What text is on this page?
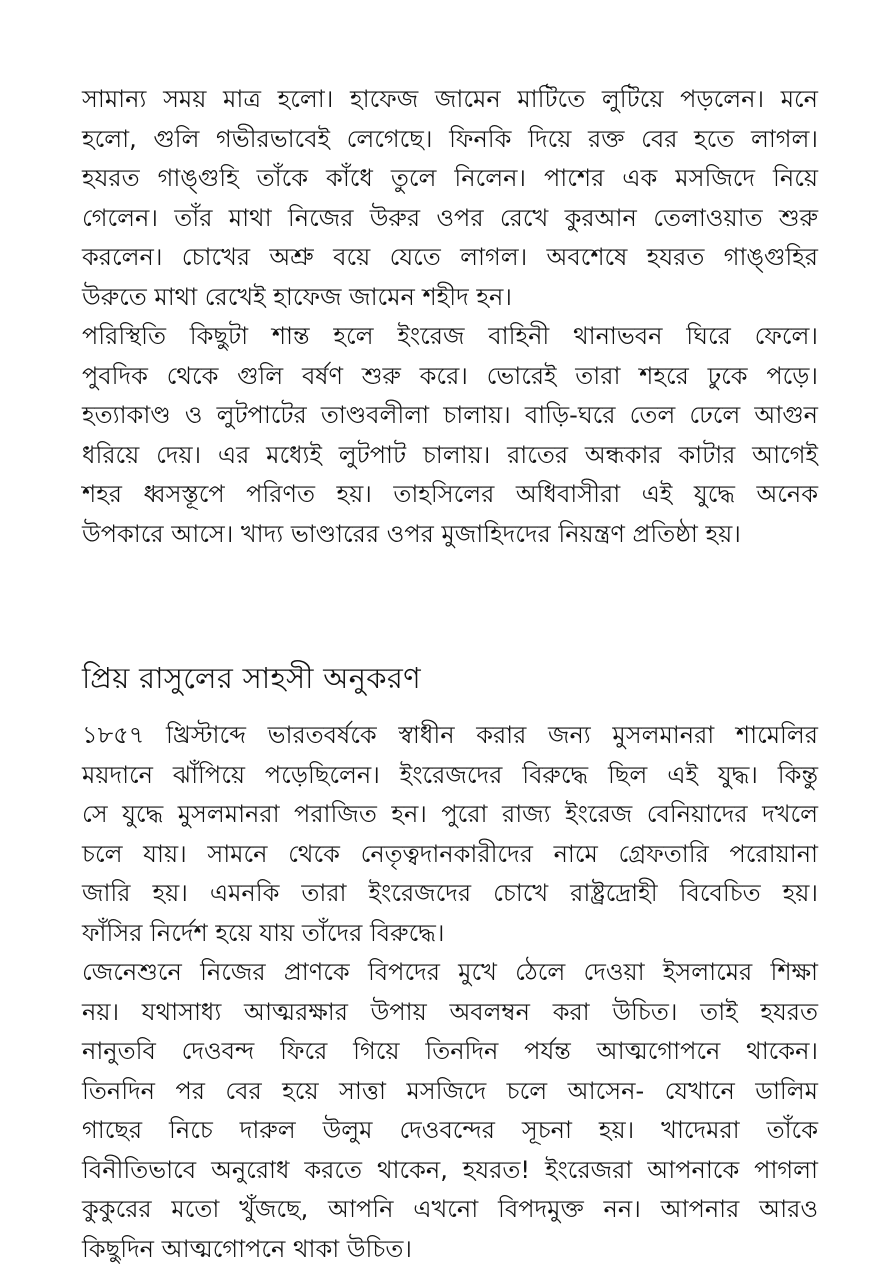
সামান্য সময় মাত্র হলো। হাফেজ জামেন মাটিতে লুটিয়ে পড়লেন। মনে
হলো, গুলি গভীরভাবেই লেগেছে। ফিনকি দিয়ে রক্ত বের হতে লাগল।
হযরত গাঙ্গুহি তাঁকে কাঁধে তুলে নিলেন। পাশের এক মসজিদে নিয়ে
গেলেন। তাঁর মাথা নিজের উরুর ওপর রেখে কুরআন তেলাওয়াত শুরু
করলেন। চোখের অশ্রু বয়ে যেতে লাগল। অবশেষে হযরত গাঙ্গুহির
উরুতে মাথা রেখেই হাফেজ জামেন শহীদ হন।

পরিস্থিতি কিছুটা শান্ত হলে ইংরেজ বাহিনী থানাভবন ঘিরে ফেলে।
পুবদিক থেকে গুলি বর্ষণ শুরু করে। ভোরেই তারা শহরে ঢুকে পড়ে।
হত্যাকাণ্ড ও লুটপাটের তাণ্ডবলীলা চালায়। বাড়ি-ঘরে তেল ঢেলে আগুন
ধরিয়ে দেয়। এর মধ্যেই লুটপাট চালায়। রাতের অন্ধকার কাটার আগেই
শহর ধ্বসস্তূপে পরিণত হয়। তাহসিলের অধিবাসীরা এই যুদ্ধে অনেক
উপকারে আসে। খাদ্য ভাণ্ডারের ওপর মুজাহিদদের নিয়ন্ত্রণ প্রতিষ্ঠা হয়।

প্রিয় রাসুলের সাহসী অনুকরণ

১৮৫৭ খ্রিস্টাব্দে ভারতবর্ষকে স্বাধীন করার জন্য মুসলমানরা শামেলির
ময়দানে ঝাঁপিয়ে পড়েছিলেন। ইংরেজদের বিরুদ্ধে ছিল এই যুদ্ধ। কিন্তু
সে যুদ্ধে মুসলমানরা পরাজিত হন। পুরো রাজ্য ইংরেজ বেনিয়াদের দখলে
চলে যায়। সামনে থেকে নেতৃত্বদানকারীদের নামে গ্রেফতারি পরোয়ানা
জারি হয়। এমনকি তারা ইংরেজদের চোখে রাষ্ট্রদ্রোহী বিবেচিত হয়।
ফাঁসির নির্দেশ হয়ে যায় তাঁদের বিরুদ্ধে।

জেনেশুনে নিজের প্রাণকে বিপদের মুখে ঠেলে দেওয়া ইসলামের শিক্ষা
নয়। যথাসাধ্য আত্মরক্ষার উপায় অবলম্বন করা উচিত। তাই হযরত
নানুতবি দেওবন্দ ফিরে গিয়ে তিনদিন পর্যন্ত আত্মগোপনে থাকেন।
তিনদিন পর বের হয়ে সাত্তা মসজিদে চলে আসেন- যেখানে ডালিম
গাছের নিচে দারুল উলুম দেওবন্দের সূচনা হয়। খাদেমরা তাঁকে
বিনীতিভাবে অনুরোধ করতে থাকেন, হযরত! ইংরেজরা আপনাকে পাগলা
কুকুরের মতো খুঁজছে, আপনি এখনো বিপদমুক্ত নন। আপনার আরও
কিছুদিন আত্মগোপনে থাকা উচিত।
